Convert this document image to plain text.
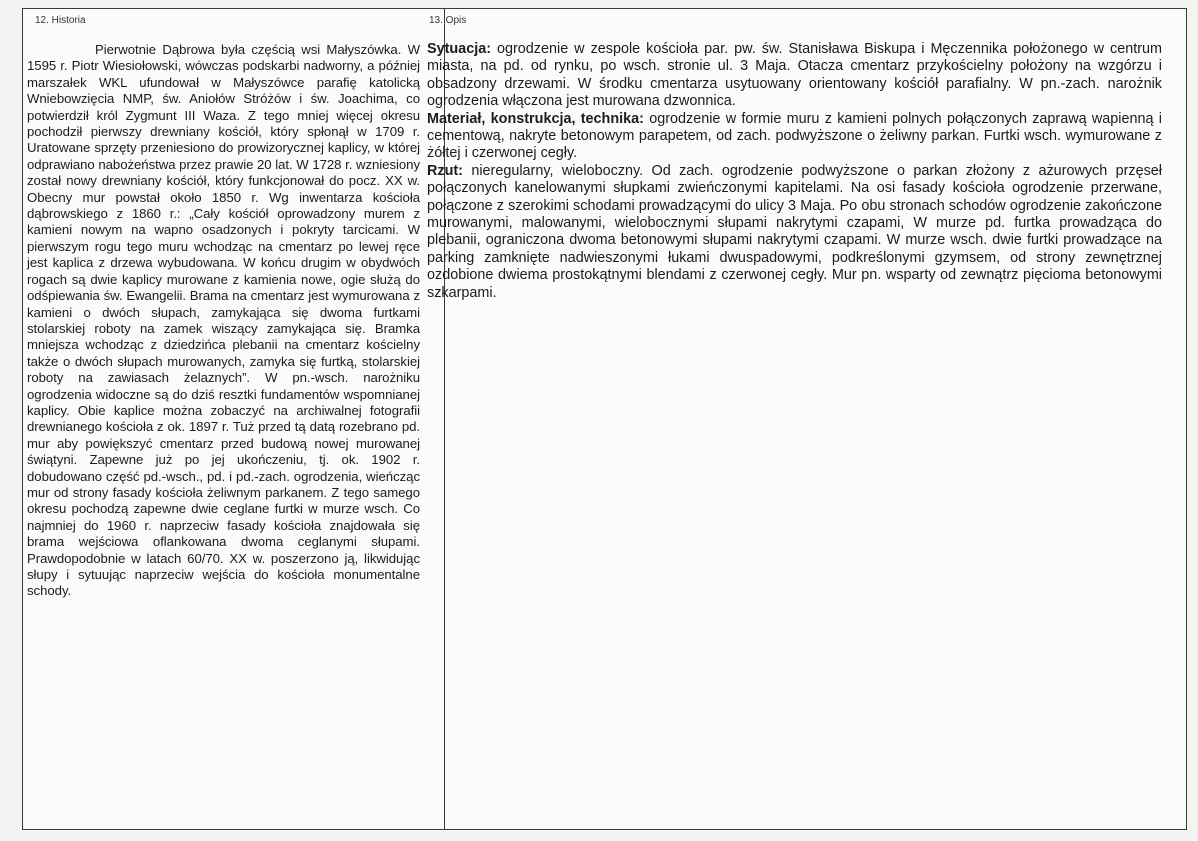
12. Historia	13. Opis
Pierwotnie Dąbrowa była częścią wsi Małyszówka. W 1595 r. Piotr Wiesiołowski, wówczas podskarbi nadworny, a później marszałek WKL ufundował w Małyszówce parafię katolicką Wniebowzięcia NMP, św. Aniołów Stróżów i św. Joachima, co potwierdził król Zygmunt III Waza. Z tego mniej więcej okresu pochodził pierwszy drewniany kościół, który spłonął w 1709 r. Uratowane sprzęty przeniesiono do prowizorycznej kaplicy, w której odprawiano nabożeństwa przez prawie 20 lat. W 1728 r. wzniesiony został nowy drewniany kościół, który funkcjonował do pocz. XX w. Obecny mur powstał około 1850 r. Wg inwentarza kościoła dąbrowskiego z 1860 r.: „Cały kościół oprowadzony murem z kamieni nowym na wapno osadzonych i pokryty tarcicami. W pierwszym rogu tego muru wchodząc na cmentarz po lewej ręce jest kaplica z drzewa wybudowana. W końcu drugim w obydwóch rogach są dwie kaplicy murowane z kamienia nowe, ogie służą do odśpiewania św. Ewangelii. Brama na cmentarz jest wymurowana z kamieni o dwóch słupach, zamykająca się dwoma furtkami stolarskiej roboty na zamek wiszący zamykająca się. Bramka mniejsza wchodząc z dziedzińca plebanii na cmentarz kościelny także o dwóch słupach murowanych, zamyka się furtką, stolarskiej roboty na zawiasach żelaznych”. W pn.-wsch. narożniku ogrodzenia widoczne są do dziś resztki fundamentów wspomnianej kaplicy. Obie kaplice można zobaczyć na archiwalnej fotografii drewnianego kościoła z ok. 1897 r. Tuż przed tą datą rozebrano pd. mur aby powiększyć cmentarz przed budową nowej murowanej świątyni. Zapewne już po jej ukończeniu, tj. ok. 1902 r. dobudowano część pd.-wsch., pd. i pd.-zach. ogrodzenia, wieńcząc mur od strony fasady kościoła żeliwnym parkanem. Z tego samego okresu pochodzą zapewne dwie ceglane furtki w murze wsch. Co najmniej do 1960 r. naprzeciw fasady kościoła znajdowała się brama wejściowa oflankowana dwoma ceglanymi słupami. Prawdopodobnie w latach 60/70. XX w. poszerzono ją, likwidując słupy i sytuując naprzeciw wejścia do kościoła monumentalne schody.

Sytuacja: ogrodzenie w zespole kościoła par. pw. św. Stanisława Biskupa i Męczennika położonego w centrum miasta, na pd. od rynku, po wsch. stronie ul. 3 Maja. Otacza cmentarz przykościelny położony na wzgórzu i obsadzony drzewami. W środku cmentarza usytuowany orientowany kościół parafialny. W pn.-zach. narożnik ogrodzenia włączona jest murowana dzwonnica.

Materiał, konstrukcja, technika: ogrodzenie w formie muru z kamieni polnych połączonych zaprawą wapienną i cementową, nakryte betonowym parapetem, od zach. podwyższone o żeliwny parkan. Furtki wsch. wymurowane z żółtej i czerwonej cegły.

Rzut: nieregularny, wieloboczny. Od zach. ogrodzenie podwyższone o parkan złożony z ażurowych przęseł połączonych kanelowanymi słupkami zwieńczonymi kapitelami. Na osi fasady kościoła ogrodzenie przerwane, połączone z szerokimi schodami prowadzącymi do ulicy 3 Maja. Po obu stronach schodów ogrodzenie zakończone murowanymi, malowanymi, wielobocznymi słupami nakrytymi czapami, W murze pd. furtka prowadząca do plebanii, ograniczona dwoma betonowymi słupami nakrytymi czapami. W murze wsch. dwie furtki prowadzące na parking zamknięte nadwieszonymi łukami dwuspadowymi, podkreślonymi gzymsem, od strony zewnętrznej ozdobione dwiema prostokątnymi blendami z czerwonej cegły. Mur pn. wsparty od zewnątrz pięcioma betonowymi szkarpami.
